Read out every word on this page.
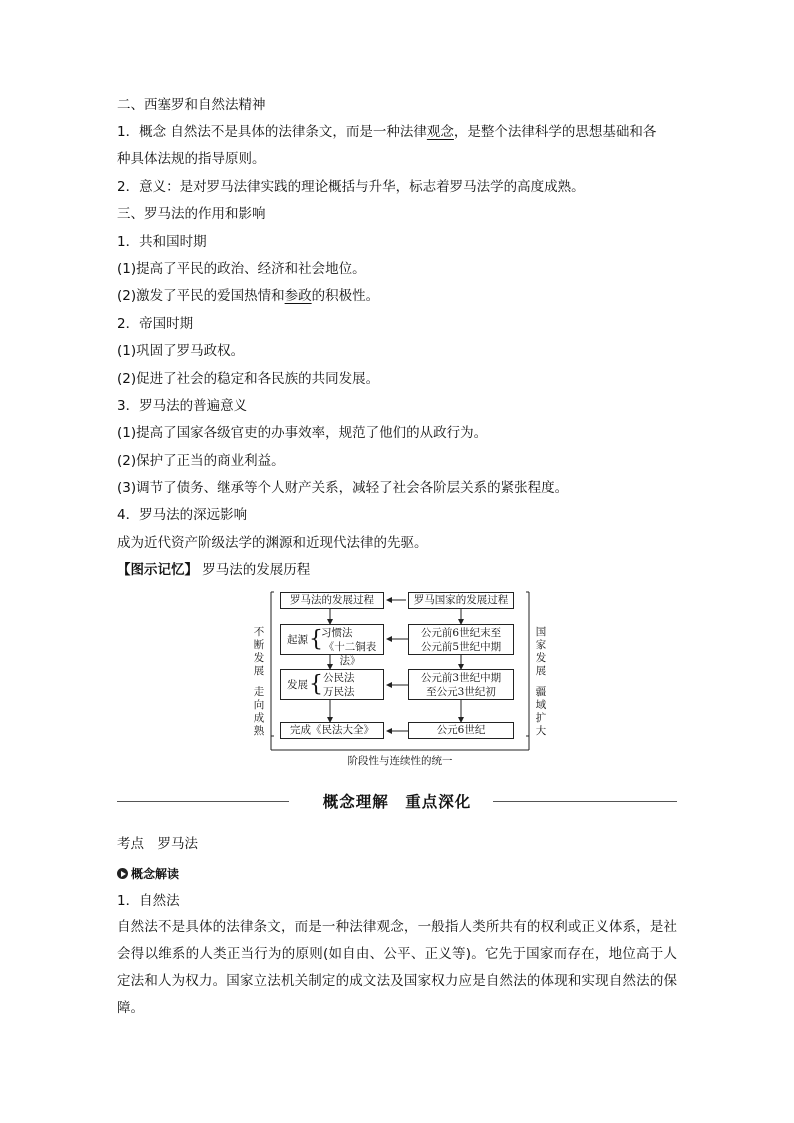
二、西塞罗和自然法精神
1．概念 自然法不是具体的法律条文，而是一种法律观念，是整个法律科学的思想基础和各
种具体法规的指导原则。
2．意义：是对罗马法律实践的理论概括与升华，标志着罗马法学的高度成熟。
三、罗马法的作用和影响
1．共和国时期
(1)提高了平民的政治、经济和社会地位。
(2)激发了平民的爱国热情和参政的积极性。
2．帝国时期
(1)巩固了罗马政权。
(2)促进了社会的稳定和各民族的共同发展。
3．罗马法的普遍意义
(1)提高了国家各级官吏的办事效率，规范了他们的从政行为。
(2)保护了正当的商业利益。
(3)调节了债务、继承等个人财产关系，减轻了社会各阶层关系的紧张程度。
4．罗马法的深远影响
成为近代资产阶级法学的渊源和近现代法律的先驱。
【图示记忆】 罗马法的发展历程
不断发展
走向成熟
国家发展
疆域扩大
罗马法的发展过程	罗马国家的发展过程
起源 {
习惯法
《十二铜表法》
公元前6世纪末至
公元前5世纪中期
发展 { 公民法
万民法
公元前3世纪中期
至公元3世纪初
完成《民法大全》	公元6世纪
阶段性与连续性的统一
概念理解　重点深化
考点　罗马法
概念解读
1．自然法
自然法不是具体的法律条文，而是一种法律观念，一般指人类所共有的权利或正义体系，是社会得以维系的人类正当行为的原则(如自由、公平、正义等)。它先于国家而存在，地位高于人定法和人为权力。国家立法机关制定的成文法及国家权力应是自然法的体现和实现自然法的保障。
